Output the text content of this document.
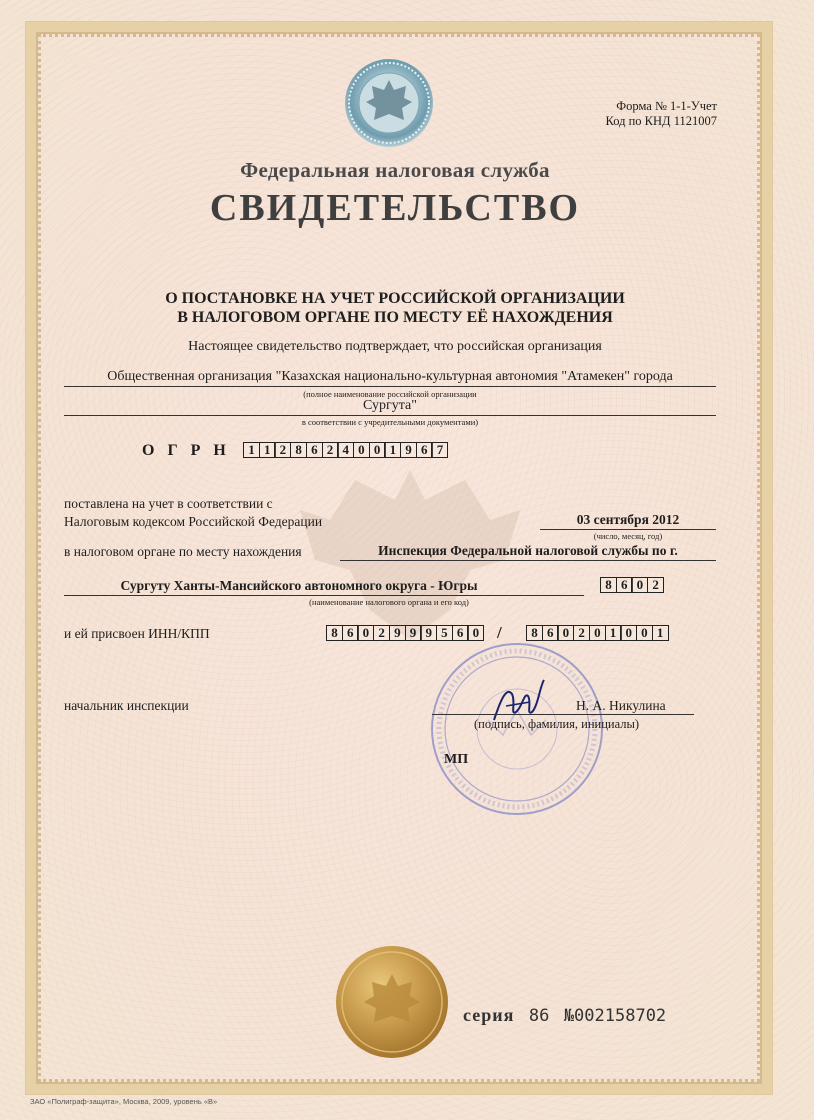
Форма № 1-1-Учет
Код по КНД 1121007
Федеральная налоговая служба
СВИДЕТЕЛЬСТВО
О ПОСТАНОВКЕ НА УЧЕТ РОССИЙСКОЙ ОРГАНИЗАЦИИ
В НАЛОГОВОМ ОРГАНЕ ПО МЕСТУ ЕЁ НАХОЖДЕНИЯ
Настоящее свидетельство подтверждает, что российская организация
Общественная организация "Казахская национально-культурная автономия "Атамекен" города
(полное наименование российской организации
Сургута"
в соответствии с учредительными документами)
ОГРН 1 1 2 8 6 2 4 0 0 1 9 6 7
поставлена на учет в соответствии с
Налоговым кодексом Российской Федерации	03 сентября 2012
(число, месяц, год)
в налоговом органе по месту нахождения	Инспекция Федеральной налоговой службы по г.
Сургуту Ханты-Мансийского автономного округа - Югры	8 6 0 2
(наименование налогового органа и его код)
и ей присвоен ИНН/КПП	8 6 0 2 9 9 9 5 6 0	/	8 6 0 2 0 1 0 0 1
начальник инспекции	Н. А. Никулина
(подпись, фамилия, инициалы)
МП
серия 86 №002158702
ЗАО «Полиграф-защита», Москва, 2009, уровень «В»
